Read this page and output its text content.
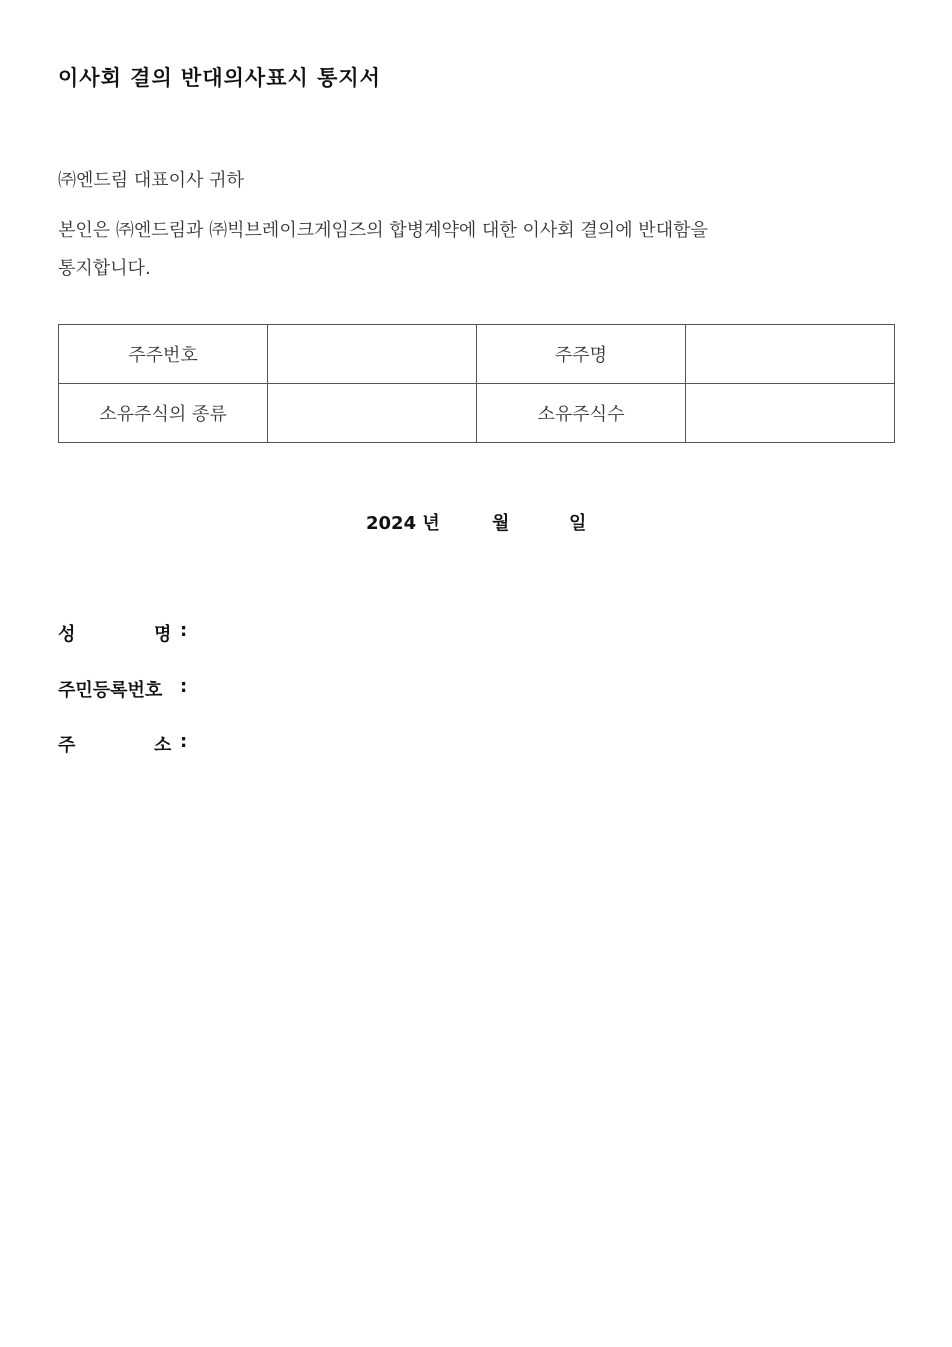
이사회 결의 반대의사표시 통지서
㈜엔드림 대표이사 귀하
본인은 ㈜엔드림과 ㈜빅브레이크게임즈의 합병계약에 대한 이사회 결의에 반대함을
통지합니다.
주주번호		주주명	
소유주식의 종류		소유주식수	
2024 년	월	일
성	명 :
주민등록번호 :
주	소 :
